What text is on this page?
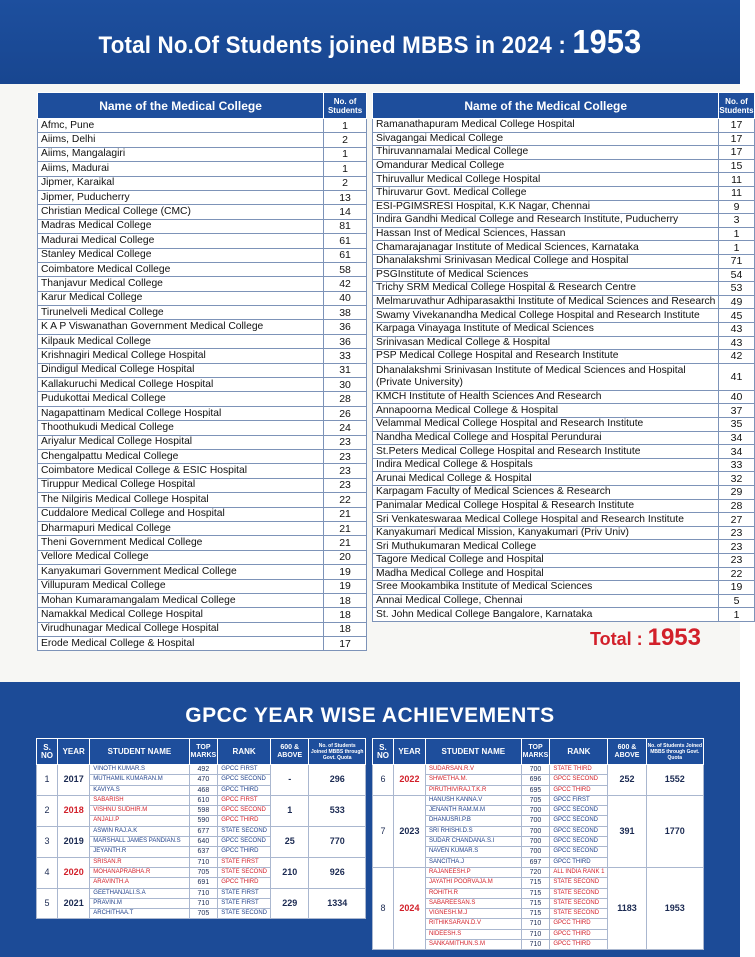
Total No.Of Students joined MBBS in 2024 : 1953
Name of the Medical College	No. of Students
Afmc, Pune	1
Aiims, Delhi	2
Aiims, Mangalagiri	1
Aiims, Madurai	1
Jipmer, Karaikal	2
Jipmer, Puducherry	13
Christian Medical College (CMC)	14
Madras Medical College	81
Madurai Medical College	61
Stanley Medical College	61
Coimbatore Medical College	58
Thanjavur Medical College	42
Karur Medical College	40
Tirunelveli Medical College	38
K A P Viswanathan Government Medical College	36
Kilpauk Medical College	36
Krishnagiri Medical College Hospital	33
Dindigul Medical College Hospital	31
Kallakuruchi Medical College Hospital	30
Pudukottai Medical College	28
Nagapattinam Medical College Hospital	26
Thoothukudi Medical College	24
Ariyalur Medical College Hospital	23
Chengalpattu Medical College	23
Coimbatore Medical College & ESIC Hospital	23
Tiruppur Medical College Hospital	23
The Nilgiris Medical College Hospital	22
Cuddalore Medical College and Hospital	21
Dharmapuri Medical College	21
Theni Government Medical College	21
Vellore Medical College	20
Kanyakumari Government Medical College	19
Villupuram Medical College	19
Mohan Kumaramangalam Medical College	18
Namakkal Medical College Hospital	18
Virudhunagar Medical College Hospital	18
Erode Medical College & Hospital	17
Name of the Medical College	No. of Students
Ramanathapuram Medical College Hospital	17
Sivagangai Medical College	17
Thiruvannamalai Medical College	17
Omandurar Medical College	15
Thiruvallur Medical College Hospital	11
Thiruvarur Govt. Medical College	11
ESI-PGIMSRESI Hospital, K.K Nagar, Chennai	9
Indira Gandhi Medical College and Research Institute, Puducherry	3
Hassan Inst of Medical Sciences, Hassan	1
Chamarajanagar Institute of Medical Sciences, Karnataka	1
Dhanalakshmi Srinivasan Medical College and Hospital	71
PSGInstitute of Medical Sciences	54
Trichy SRM Medical College Hospital & Research Centre	53
Melmaruvathur Adhiparasakthi Institute of Medical Sciences and Research	49
Swamy Vivekanandha Medical College Hospital and Research Institute	45
Karpaga Vinayaga Institute of Medical Sciences	43
Srinivasan Medical College & Hospital	43
PSP Medical College Hospital and Research Institute	42
Dhanalakshmi Srinivasan Institute of Medical Sciences and Hospital (Private University)	41
KMCH Institute of Health Sciences And Research	40
Annapoorna Medical College & Hospital	37
Velammal Medical College Hospital and Research Institute	35
Nandha Medical College and Hospital Perundurai	34
St.Peters Medical College Hospital and Research Institute	34
Indira Medical College & Hospitals	33
Arunai Medical College & Hospital	32
Karpagam Faculty of Medical Sciences & Research	29
Panimalar Medical College Hospital & Research Institute	28
Sri Venkateswaraa Medical College Hospital and Research Institute	27
Kanyakumari Medical Mission, Kanyakumari (Priv Univ)	23
Sri Muthukumaran Medical College	23
Tagore Medical College and Hospital	23
Madha Medical College and Hospital	22
Sree Mookambika Institute of Medical Sciences	19
Annai Medical College, Chennai	5
St. John Medical College Bangalore, Karnataka	1
Total : 1953
GPCC YEAR WISE ACHIEVEMENTS
S. NO	YEAR	STUDENT NAME	TOP MARKS	RANK	600 & ABOVE	No. of Students Joined MBBS through Govt. Quota
1	2017	VINOTH KUMAR.S	492	GPCC FIRST	-	296
		MUTHAMIL KUMARAN.M	470	GPCC SECOND		
		KAVIYA.S	468	GPCC THIRD		
2	2018	SABARISH	610	GPCC FIRST	1	533
		VISHNU SUDHIR.M	598	GPCC SECOND		
		ANJALI.P	590	GPCC THIRD		
3	2019	ASWIN RAJ.A.K	677	STATE SECOND	25	770
		MARSHALL JAMES PANDIAN.S	640	GPCC SECOND		
		JEYANTH.R	637	GPCC THIRD		
4	2020	SRISAN.R	710	STATE FIRST	210	926
		MOHANAPRABHA.R	705	STATE SECOND		
		ARAVINTH.A	691	GPCC THIRD		
5	2021	GEETHANJALI.S.A	710	STATE FIRST	229	1334
		PRAVIN.M	710	STATE FIRST		
		ARCHITHAA.T	705	STATE SECOND		
S. NO	YEAR	STUDENT NAME	TOP MARKS	RANK	600 & ABOVE	No. of Students Joined MBBS through Govt. Quota
6	2022	SUDARSAN.R.V	700	STATE THIRD	252	1552
		SHWETHA.M.	696	GPCC SECOND		
		PIRUTHIVIRAJ.T.K.R	695	GPCC THIRD		
7	2023	HANUSH KANNA.V	705	GPCC FIRST	391	1770
		JENANTH RAM.M.M	700	GPCC SECOND		
		DHANUSRI.P.B	700	GPCC SECOND		
		SRI RHISHI.D.S	700	GPCC SECOND		
		SUDAR CHANDANA.S.I	700	GPCC SECOND		
		NAVEN KUMAR.S	700	GPCC SECOND		
		SANCITHA.J	697	GPCC THIRD		
8	2024	RAJANEESH.P	720	ALL INDIA RANK 1	1183	1953
		JAYATHI POORVAJA.M	715	STATE SECOND		
		ROHITH.R	715	STATE SECOND		
		SABAREESAN.S	715	STATE SECOND		
		VIGNESH.M.J	715	STATE SECOND		
		RITHIKSARAN.D.V	710	GPCC THIRD		
		NIDEESH.S	710	GPCC THIRD		
		SANKAMITHUN.S.M	710	GPCC THIRD		
